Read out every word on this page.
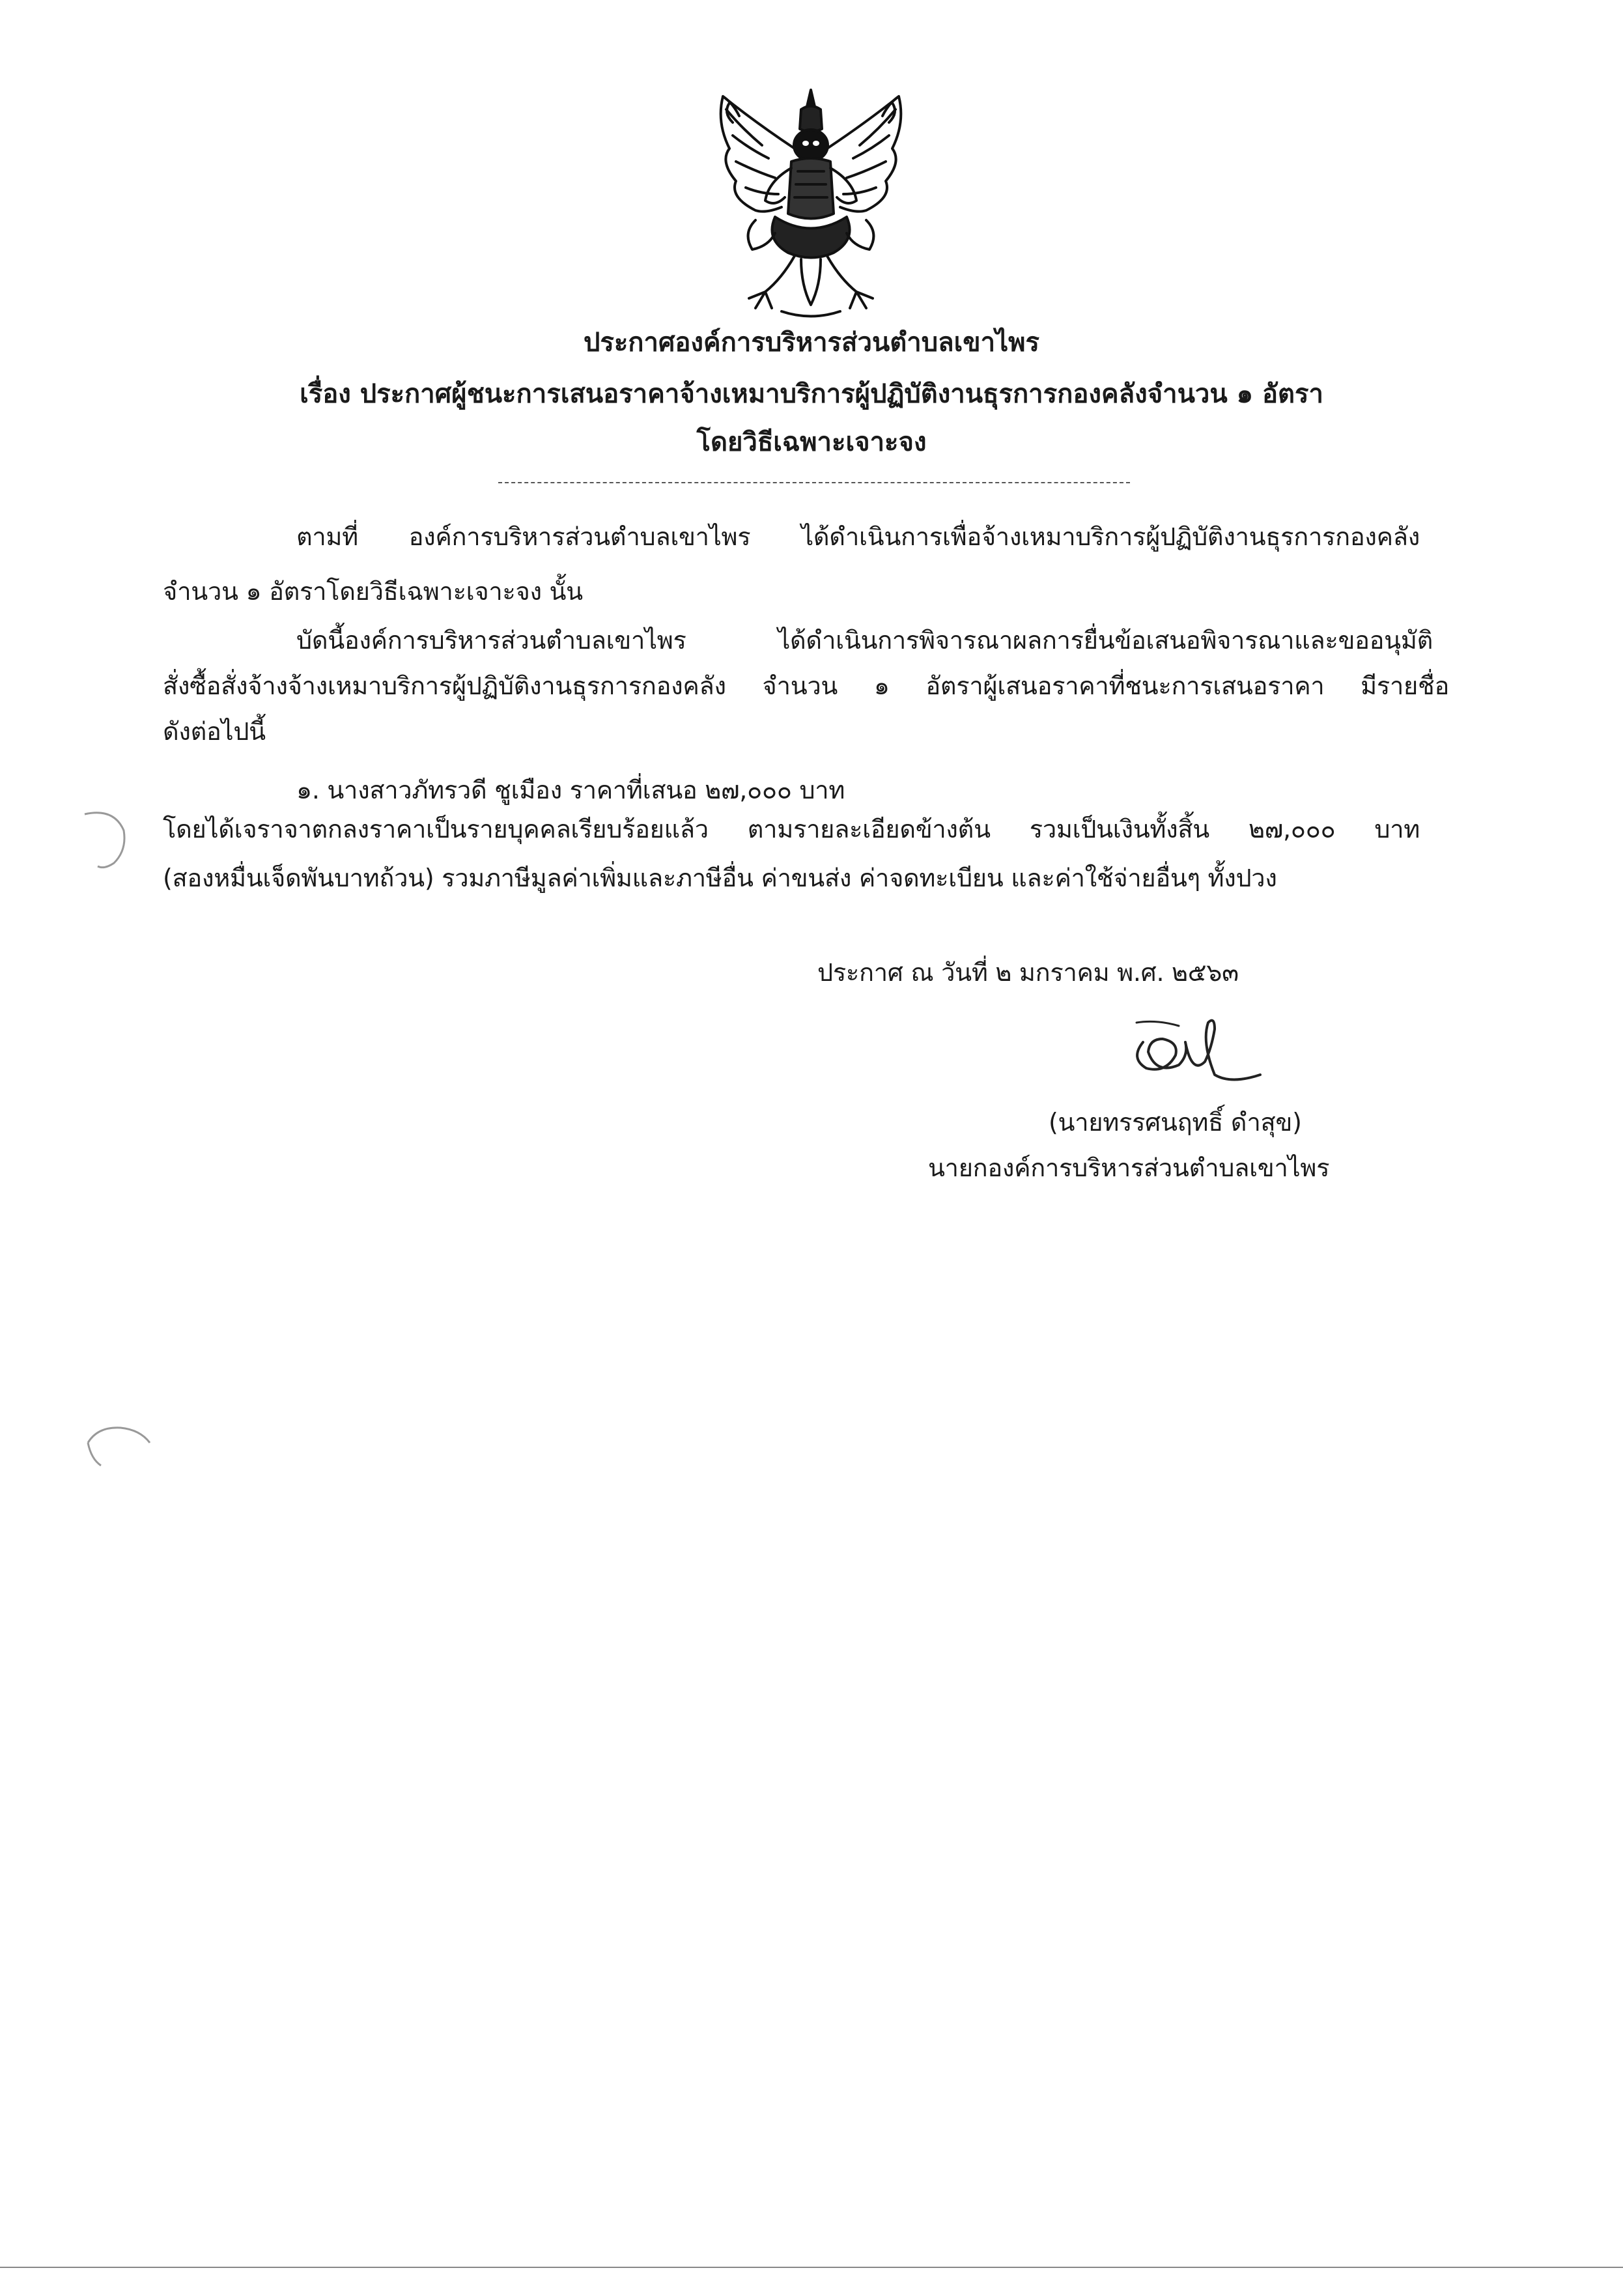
ประกาศองค์การบริหารส่วนตำบลเขาไพร
เรื่อง ประกาศผู้ชนะการเสนอราคาจ้างเหมาบริการผู้ปฏิบัติงานธุรการกองคลังจำนวน ๑ อัตรา
โดยวิธีเฉพาะเจาะจง
ตามที่ องค์การบริหารส่วนตำบลเขาไพร ได้ดำเนินการเพื่อจ้างเหมาบริการผู้ปฏิบัติงานธุรการกองคลัง
จำนวน ๑ อัตราโดยวิธีเฉพาะเจาะจง นั้น
บัดนี้องค์การบริหารส่วนตำบลเขาไพร ได้ดำเนินการพิจารณาผลการยื่นข้อเสนอพิจารณาและขออนุมัติ
สั่งซื้อสั่งจ้างจ้างเหมาบริการผู้ปฏิบัติงานธุรการกองคลัง จำนวน ๑ อัตราผู้เสนอราคาที่ชนะการเสนอราคา มีรายชื่อ
ดังต่อไปนี้
๑. นางสาวภัทรวดี ชูเมือง ราคาที่เสนอ ๒๗,๐๐๐ บาท
โดยได้เจราจาตกลงราคาเป็นรายบุคคลเรียบร้อยแล้ว ตามรายละเอียดข้างต้น รวมเป็นเงินทั้งสิ้น ๒๗,๐๐๐ บาท
(สองหมื่นเจ็ดพันบาทถ้วน) รวมภาษีมูลค่าเพิ่มและภาษีอื่น ค่าขนส่ง ค่าจดทะเบียน และค่าใช้จ่ายอื่นๆ ทั้งปวง
ประกาศ ณ วันที่ ๒ มกราคม พ.ศ. ๒๕๖๓
(นายทรรศนฤทธิ์ ดำสุข)
นายกองค์การบริหารส่วนตำบลเขาไพร
